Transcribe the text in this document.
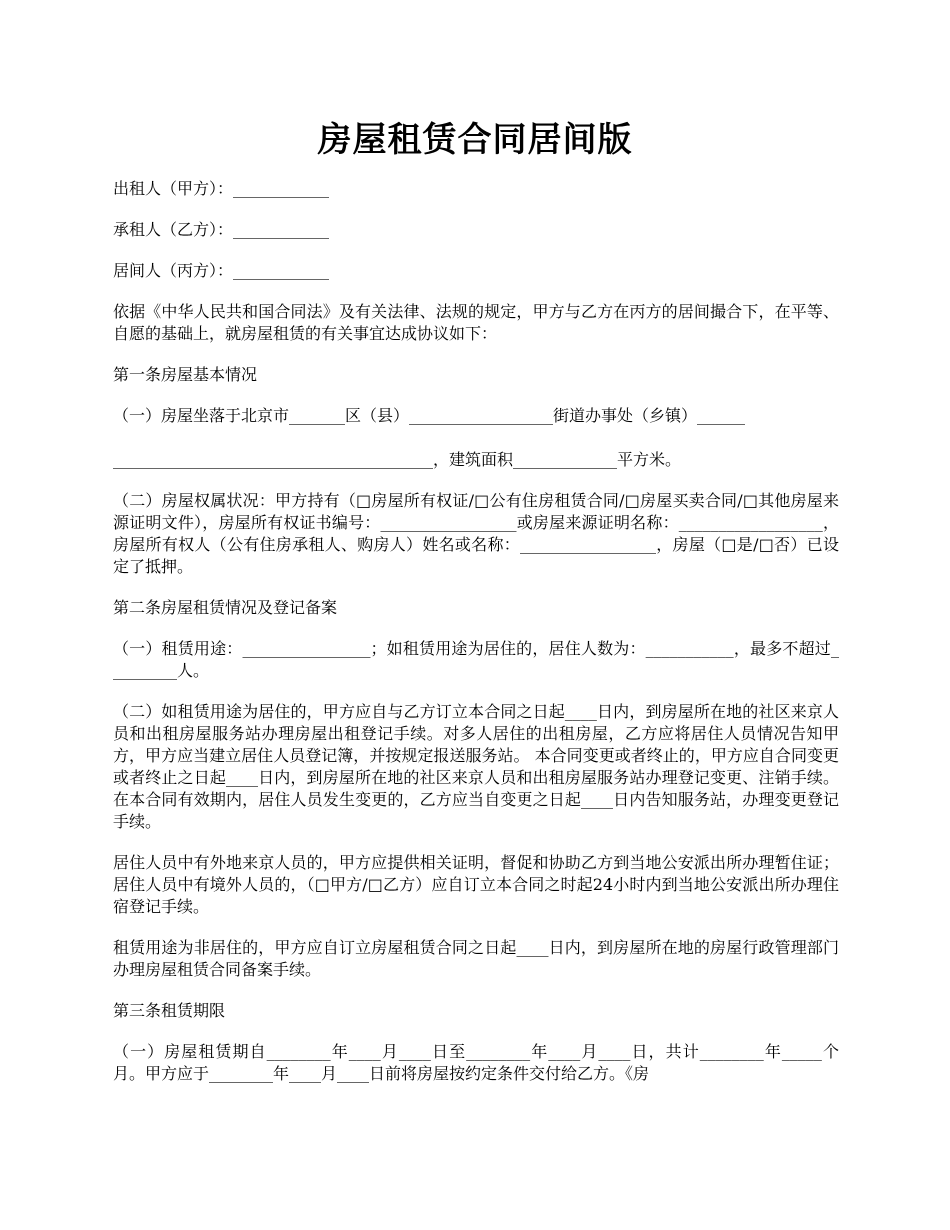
房屋租赁合同居间版

出租人（甲方）：____________

承租人（乙方）：____________

居间人（丙方）：____________

依据《中华人民共和国合同法》及有关法律、法规的规定，甲方与乙方在丙方的居间撮合下，在平等、自愿的基础上，就房屋租赁的有关事宜达成协议如下：

第一条房屋基本情况

（一）房屋坐落于北京市_______区（县）__________________街道办事处（乡镇）______

________________________________________，建筑面积_____________平方米。

（二）房屋权属状况：甲方持有（□房屋所有权证/□公有住房租赁合同/□房屋买卖合同/□其他房屋来源证明文件），房屋所有权证书编号：_________________或房屋来源证明名称：__________________，房屋所有权人（公有住房承租人、购房人）姓名或名称：_________________，房屋（□是/□否）已设定了抵押。

第二条房屋租赁情况及登记备案

（一）租赁用途：________________；如租赁用途为居住的，居住人数为：___________，最多不超过_________人。

（二）如租赁用途为居住的，甲方应自与乙方订立本合同之日起____日内，到房屋所在地的社区来京人员和出租房屋服务站办理房屋出租登记手续。对多人居住的出租房屋，乙方应将居住人员情况告知甲方，甲方应当建立居住人员登记簿，并按规定报送服务站。 本合同变更或者终止的，甲方应自合同变更或者终止之日起____日内，到房屋所在地的社区来京人员和出租房屋服务站办理登记变更、注销手续。在本合同有效期内，居住人员发生变更的，乙方应当自变更之日起____日内告知服务站，办理变更登记手续。

居住人员中有外地来京人员的，甲方应提供相关证明，督促和协助乙方到当地公安派出所办理暂住证；居住人员中有境外人员的，（□甲方/□乙方）应自订立本合同之时起24小时内到当地公安派出所办理住宿登记手续。

租赁用途为非居住的，甲方应自订立房屋租赁合同之日起____日内，到房屋所在地的房屋行政管理部门办理房屋租赁合同备案手续。

第三条租赁期限

（一）房屋租赁期自________年____月____日至________年____月____日，共计________年_____个月。甲方应于________年____月____日前将房屋按约定条件交付给乙方。《房
